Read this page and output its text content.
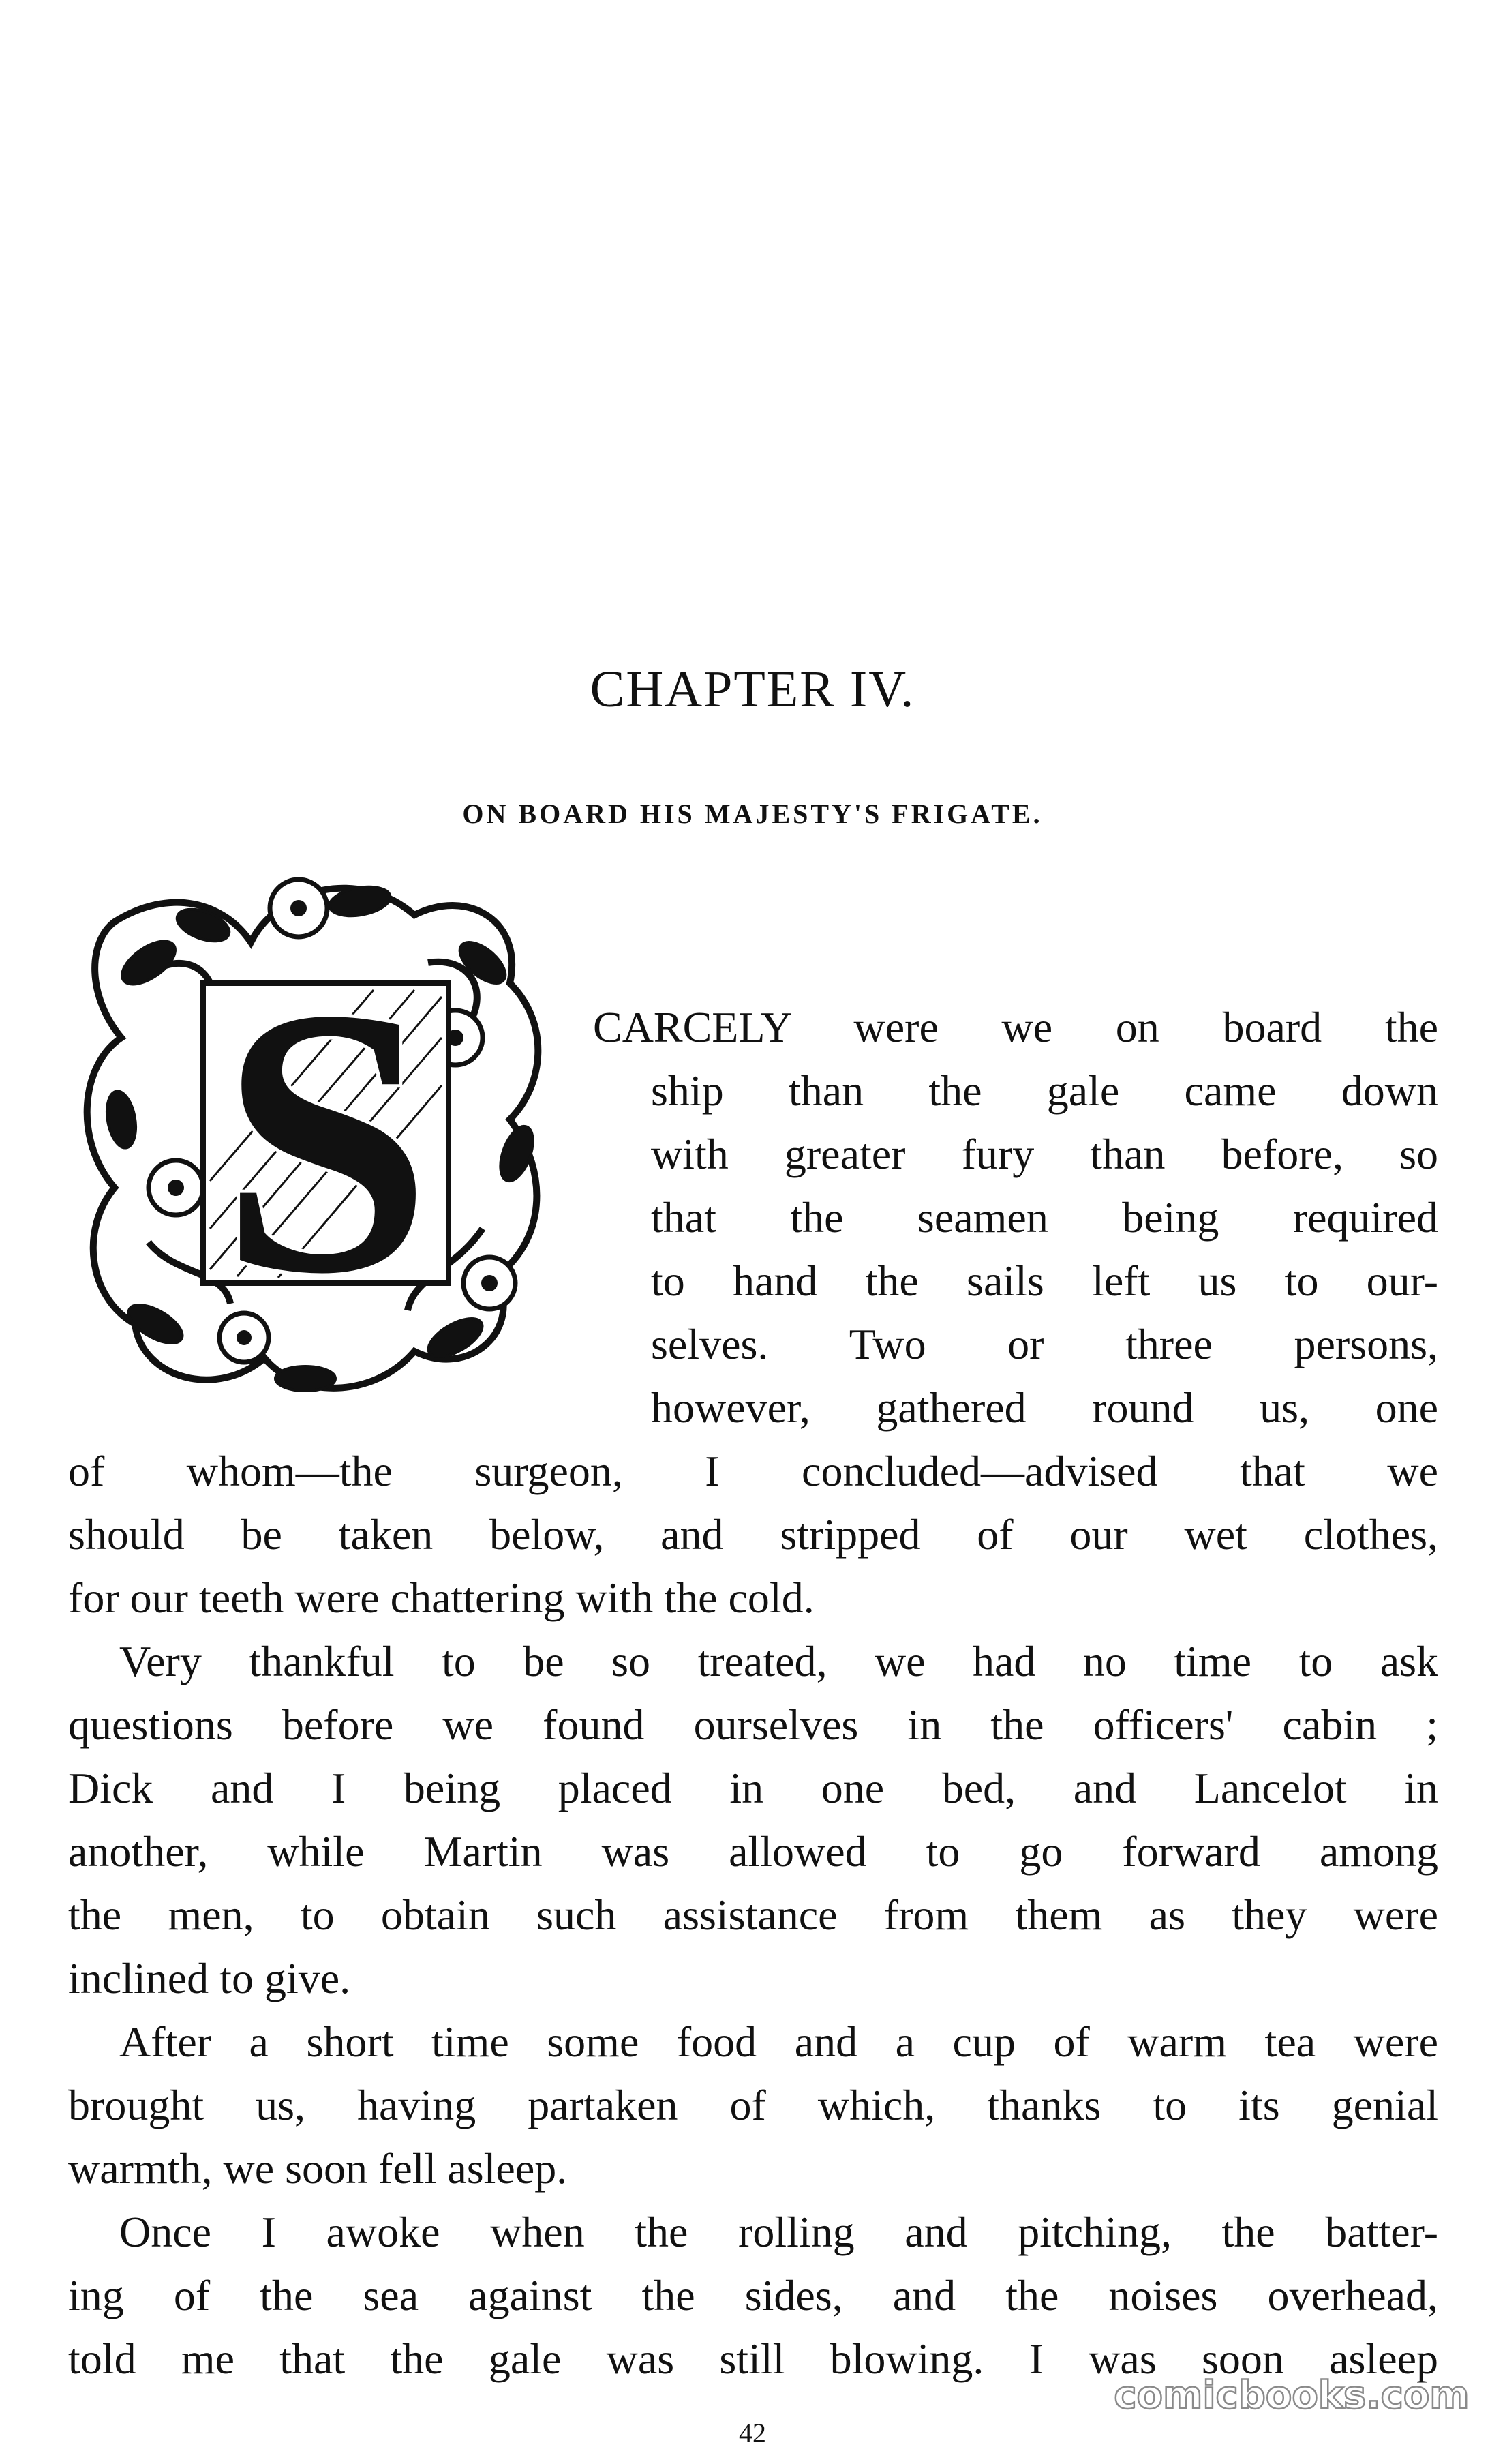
CHAPTER IV.
ON BOARD HIS MAJESTY'S FRIGATE.
S	CARCELY were we on board the
ship than the gale came down
with greater fury than before, so
that the seamen being required
to hand the sails left us to our-
selves. Two or three persons,
however, gathered round us, one
of whom—the surgeon, I concluded—advised that we
should be taken below, and stripped of our wet clothes,
for our teeth were chattering with the cold.
Very thankful to be so treated, we had no time to ask
questions before we found ourselves in the officers' cabin ;
Dick and I being placed in one bed, and Lancelot in
another, while Martin was allowed to go forward among
the men, to obtain such assistance from them as they were
inclined to give.
After a short time some food and a cup of warm tea were
brought us, having partaken of which, thanks to its genial
warmth, we soon fell asleep.
Once I awoke when the rolling and pitching, the batter-
ing of the sea against the sides, and the noises overhead,
told me that the gale was still blowing. I was soon asleep
comicbooks.com
42
